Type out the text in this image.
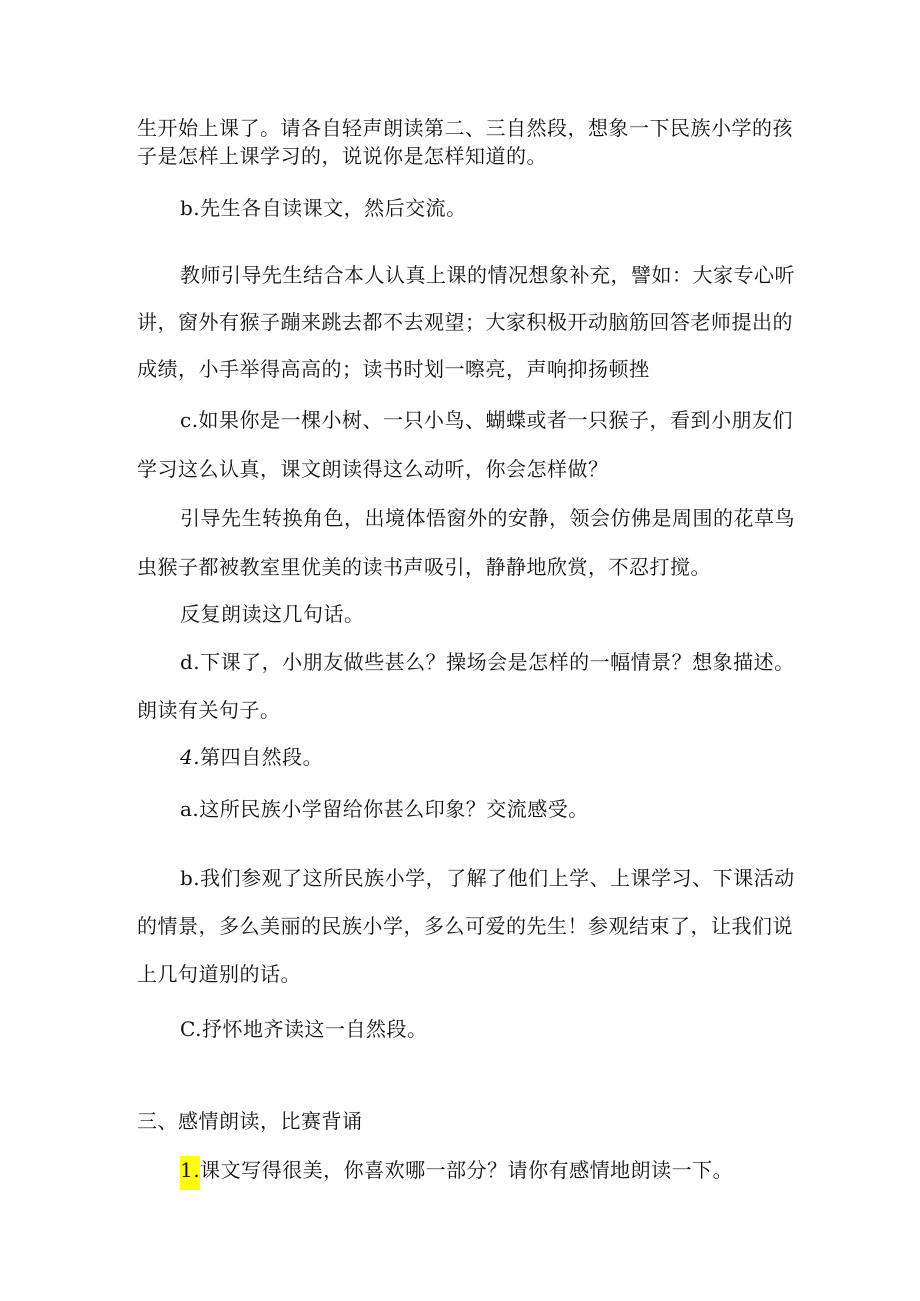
生开始上课了。请各自轻声朗读第二、三自然段，想象一下民族小学的孩
子是怎样上课学习的，说说你是怎样知道的。
b.先生各自读课文，然后交流。
教师引导先生结合本人认真上课的情况想象补充，譬如：大家专心听
讲，窗外有猴子蹦来跳去都不去观望；大家积极开动脑筋回答老师提出的
成绩，小手举得高高的；读书时划一嚓亮，声响抑扬顿挫
c.如果你是一棵小树、一只小鸟、蝴蝶或者一只猴子，看到小朋友们
学习这么认真，课文朗读得这么动听，你会怎样做？
引导先生转换角色，出境体悟窗外的安静，领会仿佛是周围的花草鸟
虫猴子都被教室里优美的读书声吸引，静静地欣赏，不忍打搅。
反复朗读这几句话。
d.下课了，小朋友做些甚么？操场会是怎样的一幅情景？想象描述。
朗读有关句子。
4.第四自然段。
a.这所民族小学留给你甚么印象？交流感受。
b.我们参观了这所民族小学，了解了他们上学、上课学习、下课活动
的情景，多么美丽的民族小学，多么可爱的先生！参观结束了，让我们说
上几句道别的话。
C.抒怀地齐读这一自然段。
三、感情朗读，比赛背诵
1.课文写得很美，你喜欢哪一部分？请你有感情地朗读一下。
